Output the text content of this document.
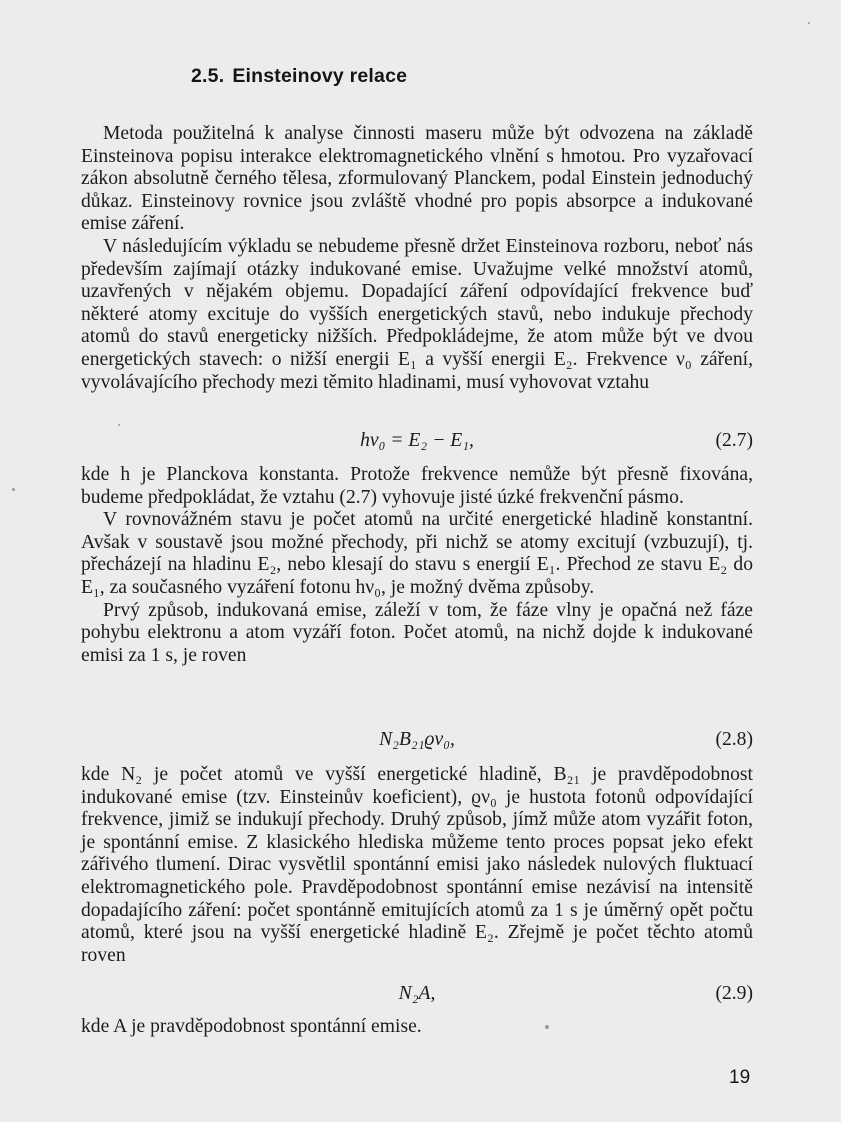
2.5. Einsteinovy relace

Metoda použitelná k analyse činnosti maseru může být odvozena na základě Einsteinova popisu interakce elektromagnetického vlnění s hmotou. Pro vyzařovací zákon absolutně černého tělesa, zformulovaný Planckem, podal Einstein jednoduchý důkaz. Einsteinovy rovnice jsou zvláště vhodné pro popis absorpce a indukované emise záření.

V následujícím výkladu se nebudeme přesně držet Einsteinova rozboru, neboť nás především zajímají otázky indukované emise. Uvažujme velké množství atomů, uzavřených v nějakém objemu. Dopadající záření odpovídající frekvence buď některé atomy excituje do vyšších energetických stavů, nebo indukuje přechody atomů do stavů energeticky nižších. Předpokládejme, že atom může být ve dvou energetických stavech: o nižší energii E₁ a vyšší energii E₂. Frekvence ν₀ záření, vyvolávajícího přechody mezi těmito hladinami, musí vyhovovat vztahu

hν₀ = E₂ − E₁,	(2.7)

kde h je Planckova konstanta. Protože frekvence nemůže být přesně fixována, budeme předpokládat, že vztahu (2.7) vyhovuje jisté úzké frekvenční pásmo.

V rovnovážném stavu je počet atomů na určité energetické hladině konstantní. Avšak v soustavě jsou možné přechody, při nichž se atomy excitují (vzbuzují), tj. přecházejí na hladinu E₂, nebo klesají do stavu s energií E₁. Přechod ze stavu E₂ do E₁, za současného vyzáření fotonu hν₀, je možný dvěma způsoby.

Prvý způsob, indukovaná emise, záleží v tom, že fáze vlny je opačná než fáze pohybu elektronu a atom vyzáří foton. Počet atomů, na nichž dojde k indukované emisi za 1 s, je roven

N₂B₂₁ϱν₀,	(2.8)

kde N₂ je počet atomů ve vyšší energetické hladině, B₂₁ je pravděpodobnost indukované emise (tzv. Einsteinův koeficient), ϱν₀ je hustota fotonů odpovídající frekvence, jimiž se indukují přechody. Druhý způsob, jímž může atom vyzářit foton, je spontánní emise. Z klasického hlediska můžeme tento proces popsat jeko efekt zářivého tlumení. Dirac vysvětlil spontánní emisi jako následek nulových fluktuací elektromagnetického pole. Pravděpodobnost spontánní emise nezávisí na intensitě dopadajícího záření: počet spontánně emitujících atomů za 1 s je úměrný opět počtu atomů, které jsou na vyšší energetické hladině E₂. Zřejmě je počet těchto atomů roven

N₂A,	(2.9)

kde A je pravděpodobnost spontánní emise.

19
